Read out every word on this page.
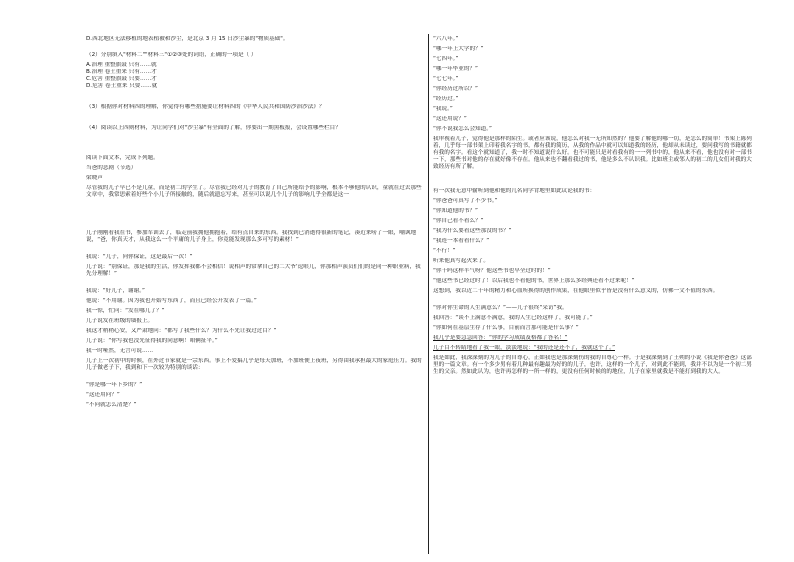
D.西北地区无法移植的地表植被和沙尘，是北京 3 月 15 日沙尘暴的"物质基础"。
（2）分别填入"材料二""材料三"①②③处的词语，正确的一项是（ ）
A.治理 重整旗鼓 只有……就
B.治理 卷土重来 只有……才
C.危害 重整旗鼓 只要……才
D.危害 卷土重来 只要……就
（3）根据你对材料四的理解，你觉得有哪些措施要让材料四的《中华人民共和国防沙治沙法》？
（4）阅读以上四则材料，为让同学们对"沙尘暴"有全面的了解，你要出一期黑板报，会设置哪些栏目？
阅读下面文本，完成下列题。
当爸的悲剧（节选）
梁晓声
尽管我的儿子早已不是儿童，而是初二的学生了。尽管我已经对儿子的教育了自己所能给予的影响，根本不够他的认识，童就在过去那些文章中，我常思索着好些个小儿子所接触的，随后就遗忘写来，甚至可以说几个儿子的影响几乎全都是这一
儿子刚刚看我在书，参加军训去了，临走前我拥他拥抱着，给有点自来的东西。我找到已消逝得很新的笔记，凑近来唠了一眼，嘲讽地说，“爸，你真天才，从我这么一个平庸的儿子身上，你竟能发现那么多可写的素材！”
我说：“儿子，向你保证，这是最后一次！”
儿子说：“别保证，那是我的生活，你发挥我都不会相信！说相声的常拿自己的二大爷‘逗哏儿，你那相声演员们们的是同一种职业病，我先分理解！”
我说：“好儿子，谢谢。”
他说：“不用谢。因为我也开始写东西了，而且已经公开发表了一篇。”
我一惊，忙问：“发在哪儿了？”
儿子说发在班级的墙报上。
我这才稍稍心安，又严肃地问：“都写了我些什么？为什么不先让我过过目？”
儿子说：“你写我也没先征得我的同意啊！咱俩扯平。”
我一时哑然，无言可说……
儿子上一次初中的时候，在外过节家就是一宗东西。事上不爱搞几乎是每天加班，不加班便上夜班，另得由我承担最大的家庭压力。我的儿子做老子下，我到和下一次较为特别的谈话：
“你是哪一年下乡的？”
“这还用问？”
“不问就怎么清楚？”
“六八年。”
“哪一年上大学的？”
“七四年。”
“哪一年毕业的？”
“七七年。”
“你经历过所以？”
“经历过。”
“我说。”
“这还用说？”
“你不说我怎么会知道。”
我审视着儿子，觉得他是那样的陌生。或者应该说，他怎么对我一无所知然的？他要了解他的哪一切，是怎么的简单！书架上陈列着，几乎每一部书架上印着我名字的书，都有我的简历，从我的作品中就可以知道我的经历，他却从未读过，要问我写的书籍就都有我的名字。看这个就知道了，我一时不知道说什么好。也不可能只是对看我有的一一列书中的，他从来不看，他也没有对一部书一下，那些书对他的存在就好像不存在。他从来也不翻看我过的书，他是多么不认识我。比如班主或邻人的初二的几女们对我的大致经历有所了解。
有一次我无意中偷听到他和他的几名同学背地里如此议论我的书：
“你爸爸可真写了不少书。”
“你知道他的书？”
“你自己看不看么？”
“我为什么要看这些那没的书？”
“我连一本看看什么？”
“不行！”
听来他真写起火来了。
“你干吗这样半气呀？他这些书也早全过时的！”
“他这些书已经过时了！以后我也不看他的书，世界上那么多经典还看不过来呢！”
这想到，我以近二十年的精力和心血所换得的创作成果，在他眼里似乎皆是没有什么意义的，仿佛一文不值的东西。
“你对你生命的人生满意么？”——儿子很终“采访”我。
我回答：“谈不上满意不满意，我的人生已经这样了，我可能了。”
“你如何在基层生存了什么事，目前而言那可能是什么事？”
我几乎是要急急回答：“你的学习成绩及格都了答名！”
儿子目不转睛地看了我一眼，淡淡地说：“我的还是还不了，我就这个了。”
我是如此，我深深刻的为儿子的自尊心，正如我也是那深刻伤的我的自尊心一样。于是我深刻到了王朔的小说《我是你爸爸》这部里的一篇文章。有一个多少男有着几种最有趣最为好的的儿子，也许，这样的一个儿子，对到此不能到，我并不以为是一个初二男生的父亲。然如此认为，也许再怎样的一所一样的，更没有任何时候的的地位，儿子在家里就我是不能打到我的大人。
